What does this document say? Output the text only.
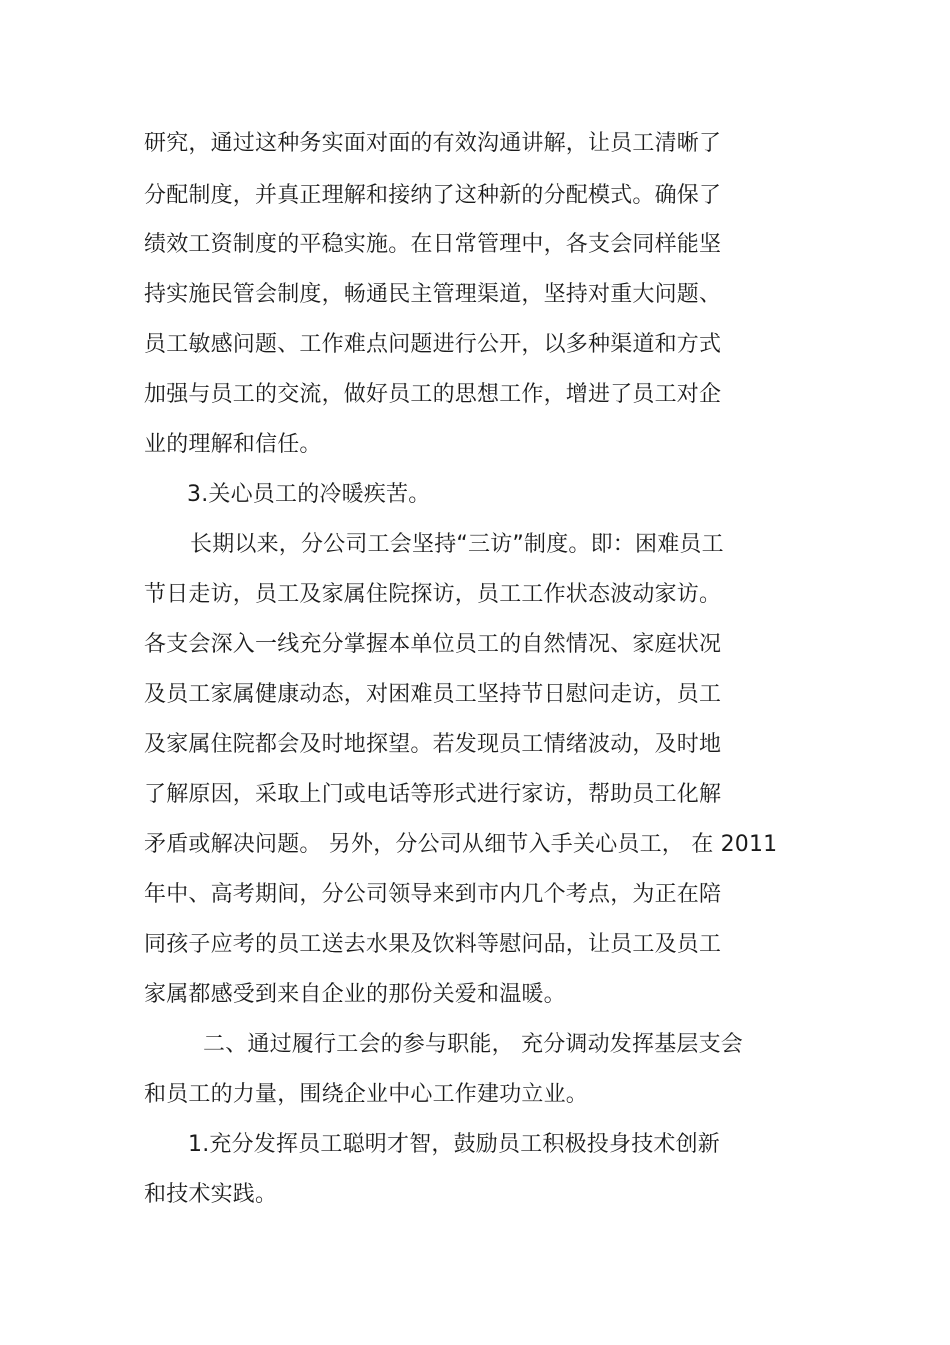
研究，通过这种务实面对面的有效沟通讲解，让员工清晰了
分配制度，并真正理解和接纳了这种新的分配模式。确保了
绩效工资制度的平稳实施。在日常管理中，各支会同样能坚
持实施民管会制度，畅通民主管理渠道，坚持对重大问题、
员工敏感问题、工作难点问题进行公开，以多种渠道和方式
加强与员工的交流，做好员工的思想工作，增进了员工对企
业的理解和信任。
3.关心员工的冷暖疾苦。
长期以来，分公司工会坚持“三访”制度。即：困难员工
节日走访，员工及家属住院探访，员工工作状态波动家访。
各支会深入一线充分掌握本单位员工的自然情况、家庭状况
及员工家属健康动态，对困难员工坚持节日慰问走访，员工
及家属住院都会及时地探望。若发现员工情绪波动，及时地
了解原因，采取上门或电话等形式进行家访，帮助员工化解
矛盾或解决问题。 另外，分公司从细节入手关心员工， 在 2011
年中、高考期间，分公司领导来到市内几个考点，为正在陪
同孩子应考的员工送去水果及饮料等慰问品，让员工及员工
家属都感受到来自企业的那份关爱和温暖。
二、通过履行工会的参与职能， 充分调动发挥基层支会
和员工的力量，围绕企业中心工作建功立业。
1.充分发挥员工聪明才智，鼓励员工积极投身技术创新
和技术实践。
